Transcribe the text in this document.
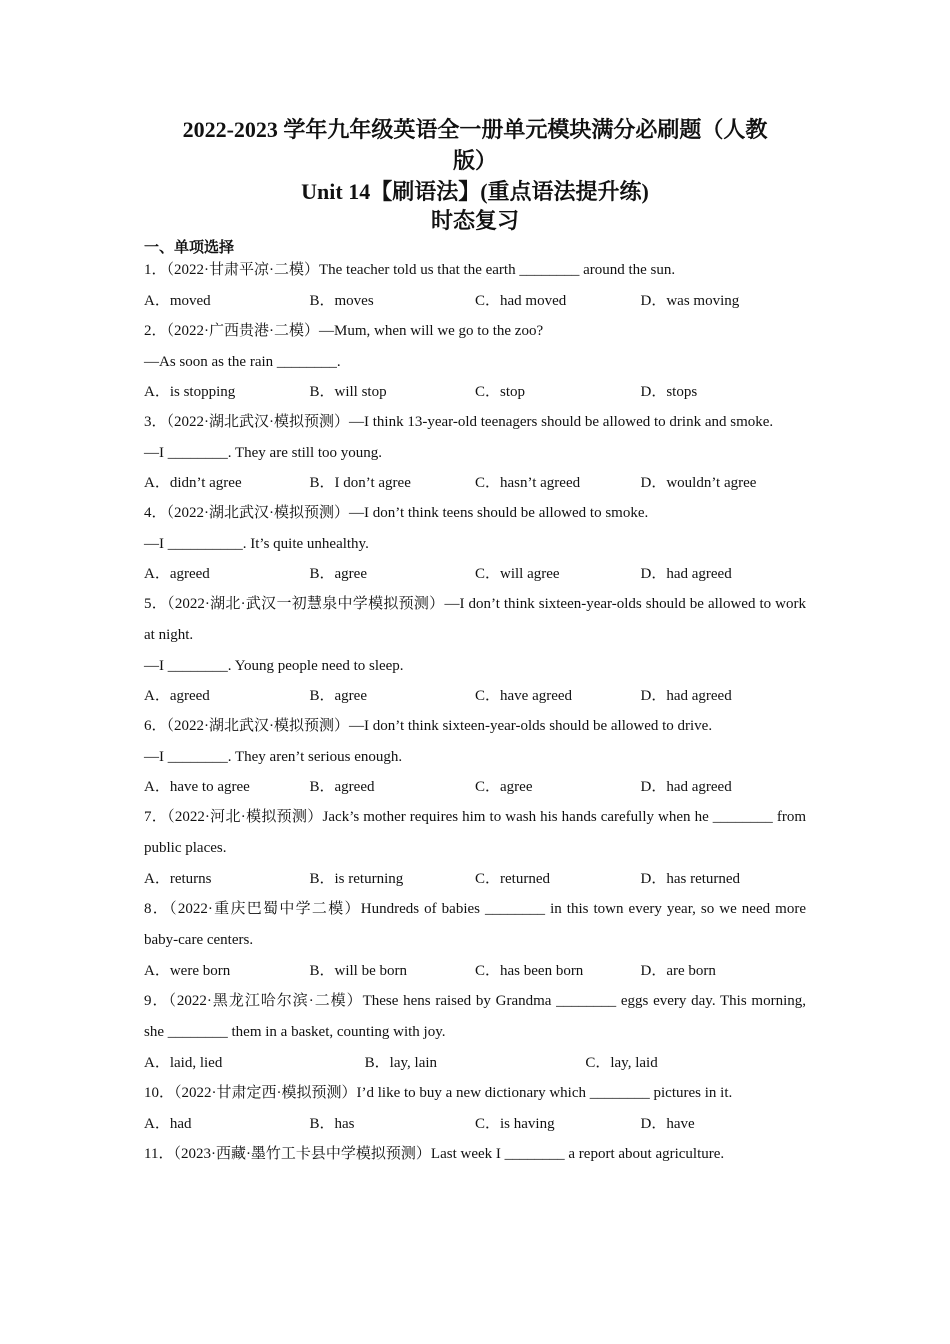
2022-2023 学年九年级英语全一册单元模块满分必刷题（人教
版）
Unit 14【刷语法】(重点语法提升练)
时态复习
一、单项选择

1．（2022·甘肃平凉·二模）The teacher told us that the earth ________ around the sun.

A．moved	B．moves	C．had moved	D．was moving

2．（2022·广西贵港·二模）—Mum, when will we go to the zoo?

—As soon as the rain ________.

A．is stopping	B．will stop	C．stop	D．stops

3．（2022·湖北武汉·模拟预测）—I think 13-year-old teenagers should be allowed to drink and smoke.

—I ________. They are still too young.

A．didn’t agree	B．I don’t agree	C．hasn’t agreed	D．wouldn’t agree

4．（2022·湖北武汉·模拟预测）—I don’t think teens should be allowed to smoke.

—I __________. It’s quite unhealthy.

A．agreed	B．agree	C．will agree	D．had agreed

5．（2022·湖北·武汉一初慧泉中学模拟预测）—I don’t think sixteen-year-olds should be allowed to work at night.

—I ________. Young people need to sleep.

A．agreed	B．agree	C．have agreed	D．had agreed

6．（2022·湖北武汉·模拟预测）—I don’t think sixteen-year-olds should be allowed to drive.

—I ________. They aren’t serious enough.

A．have to agree	B．agreed	C．agree	D．had agreed

7．（2022·河北·模拟预测）Jack’s mother requires him to wash his hands carefully when he ________ from public places.

A．returns	B．is returning	C．returned	D．has returned

8．（2022·重庆巴蜀中学二模）Hundreds of babies ________ in this town every year, so we need more baby-care centers.

A．were born	B．will be born	C．has been born	D．are born

9．（2022·黑龙江哈尔滨·二模）These hens raised by Grandma ________ eggs every day. This morning, she ________ them in a basket, counting with joy.

A．laid, lied	B．lay, lain	C．lay, laid

10．（2022·甘肃定西·模拟预测）I’d like to buy a new dictionary which ________ pictures in it.

A．had	B．has	C．is having	D．have

11．（2023·西藏·墨竹工卡县中学模拟预测）Last week I ________ a report about agriculture.
